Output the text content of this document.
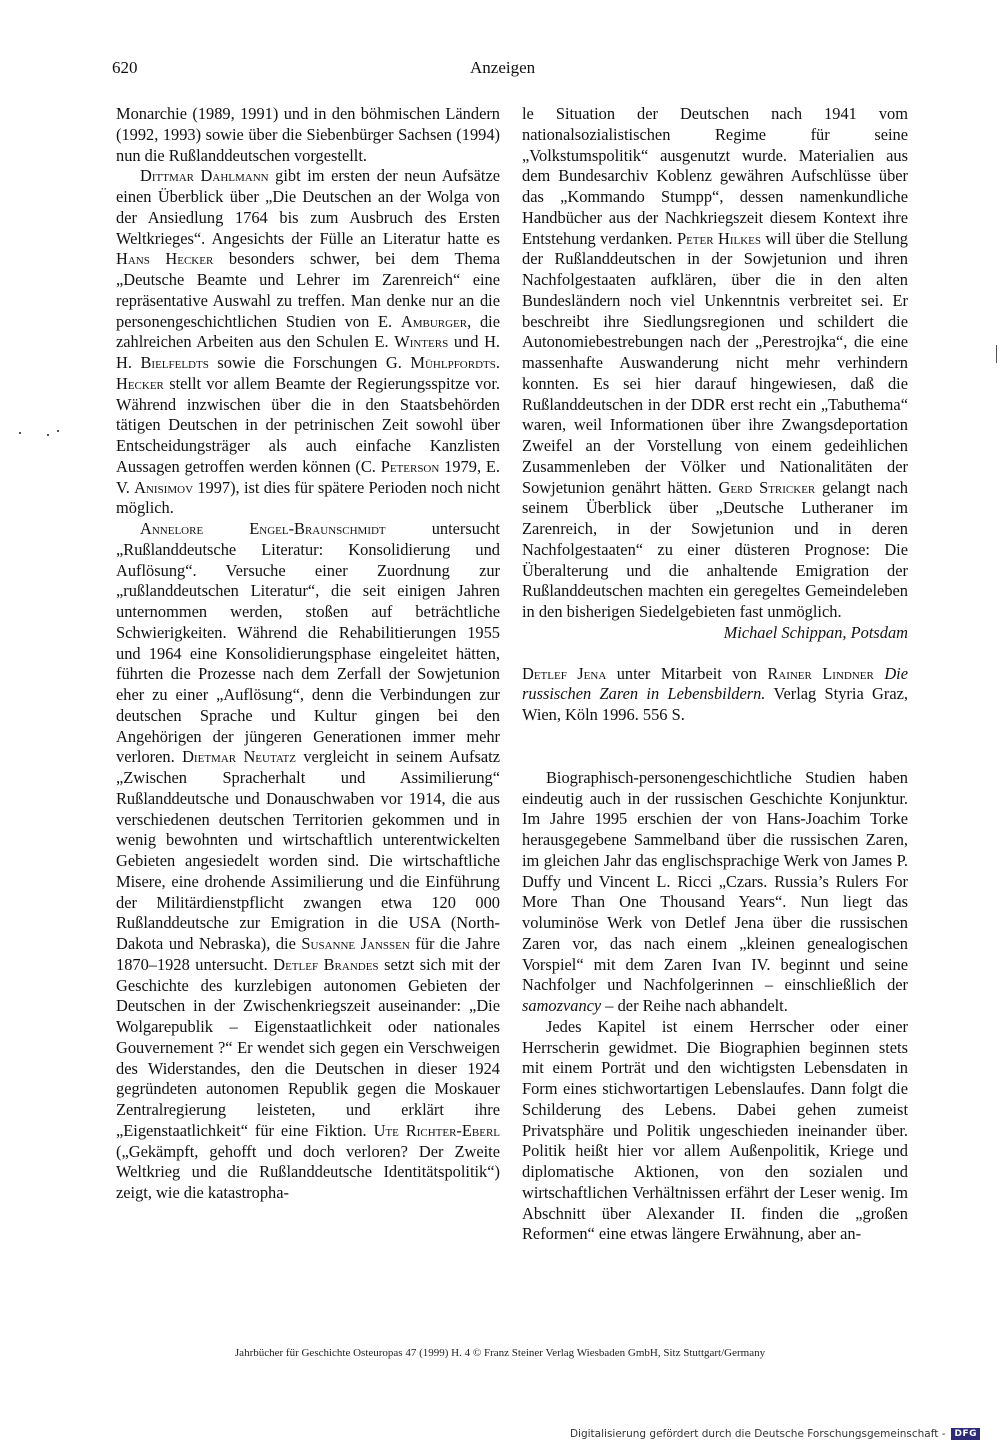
620	Anzeigen

Monarchie (1989, 1991) und in den böhmischen Ländern (1992, 1993) sowie über die Siebenbürger Sachsen (1994) nun die Rußlanddeutschen vorgestellt.

Dittmar Dahlmann gibt im ersten der neun Aufsätze einen Überblick über „Die Deutschen an der Wolga von der Ansiedlung 1764 bis zum Ausbruch des Ersten Weltkrieges“. Angesichts der Fülle an Literatur hatte es Hans Hecker besonders schwer, bei dem Thema „Deutsche Beamte und Lehrer im Zarenreich“ eine repräsentative Auswahl zu treffen. Man denke nur an die personengeschichtlichen Studien von E. Amburger, die zahlreichen Arbeiten aus den Schulen E. Winters und H. H. Bielfeldts sowie die Forschungen G. Mühlpfordts. Hecker stellt vor allem Beamte der Regierungsspitze vor. Während inzwischen über die in den Staatsbehörden tätigen Deutschen in der petrinischen Zeit sowohl über Entscheidungsträger als auch einfache Kanzlisten Aussagen getroffen werden können (C. Peterson 1979, E. V. Anisimov 1997), ist dies für spätere Perioden noch nicht möglich.

Annelore Engel-Braunschmidt untersucht „Rußlanddeutsche Literatur: Konsolidierung und Auflösung“. Versuche einer Zuordnung zur „rußlanddeutschen Literatur“, die seit einigen Jahren unternommen werden, stoßen auf beträchtliche Schwierigkeiten. Während die Rehabilitierungen 1955 und 1964 eine Konsolidierungsphase eingeleitet hätten, führten die Prozesse nach dem Zerfall der Sowjetunion eher zu einer „Auflösung“, denn die Verbindungen zur deutschen Sprache und Kultur gingen bei den Angehörigen der jüngeren Generationen immer mehr verloren. Dietmar Neutatz vergleicht in seinem Aufsatz „Zwischen Spracherhalt und Assimilierung“ Rußlanddeutsche und Donauschwaben vor 1914, die aus verschiedenen deutschen Territorien gekommen und in wenig bewohnten und wirtschaftlich unterentwickelten Gebieten angesiedelt worden sind. Die wirtschaftliche Misere, eine drohende Assimilierung und die Einführung der Militärdienstpflicht zwangen etwa 120 000 Rußlanddeutsche zur Emigration in die USA (North-Dakota und Nebraska), die Susanne Janssen für die Jahre 1870–1928 untersucht. Detlef Brandes setzt sich mit der Geschichte des kurzlebigen autonomen Gebieten der Deutschen in der Zwischenkriegszeit auseinander: „Die Wolgarepublik – Eigenstaatlichkeit oder nationales Gouvernement ?“ Er wendet sich gegen ein Verschweigen des Widerstandes, den die Deutschen in dieser 1924 gegründeten autonomen Republik gegen die Moskauer Zentralregierung leisteten, und erklärt ihre „Eigenstaatlichkeit“ für eine Fiktion. Ute Richter-Eberl („Gekämpft, gehofft und doch verloren? Der Zweite Weltkrieg und die Rußlanddeutsche Identitätspolitik“) zeigt, wie die katastropha-

le Situation der Deutschen nach 1941 vom nationalsozialistischen Regime für seine „Volkstumspolitik“ ausgenutzt wurde. Materialien aus dem Bundesarchiv Koblenz gewähren Aufschlüsse über das „Kommando Stumpp“, dessen namenkundliche Handbücher aus der Nachkriegszeit diesem Kontext ihre Entstehung verdanken. Peter Hilkes will über die Stellung der Rußlanddeutschen in der Sowjetunion und ihren Nachfolgestaaten aufklären, über die in den alten Bundesländern noch viel Unkenntnis verbreitet sei. Er beschreibt ihre Siedlungsregionen und schildert die Autonomiebestrebungen nach der „Perestrojka“, die eine massenhafte Auswanderung nicht mehr verhindern konnten. Es sei hier darauf hingewiesen, daß die Rußlanddeutschen in der DDR erst recht ein „Tabuthema“ waren, weil Informationen über ihre Zwangsdeportation Zweifel an der Vorstellung von einem gedeihlichen Zusammenleben der Völker und Nationalitäten der Sowjetunion genährt hätten. Gerd Stricker gelangt nach seinem Überblick über „Deutsche Lutheraner im Zarenreich, in der Sowjetunion und in deren Nachfolgestaaten“ zu einer düsteren Prognose: Die Überalterung und die anhaltende Emigration der Rußlanddeutschen machten ein geregeltes Gemeindeleben in den bisherigen Siedelgebieten fast unmöglich.

Michael Schippan, Potsdam

Detlef Jena unter Mitarbeit von Rainer Lindner Die russischen Zaren in Lebensbildern. Verlag Styria Graz, Wien, Köln 1996. 556 S.

Biographisch-personengeschichtliche Studien haben eindeutig auch in der russischen Geschichte Konjunktur. Im Jahre 1995 erschien der von Hans-Joachim Torke herausgegebene Sammelband über die russischen Zaren, im gleichen Jahr das englischsprachige Werk von James P. Duffy und Vincent L. Ricci „Czars. Russia’s Rulers For More Than One Thousand Years“. Nun liegt das voluminöse Werk von Detlef Jena über die russischen Zaren vor, das nach einem „kleinen genealogischen Vorspiel“ mit dem Zaren Ivan IV. beginnt und seine Nachfolger und Nachfolgerinnen – einschließlich der samozvancy – der Reihe nach abhandelt.

Jedes Kapitel ist einem Herrscher oder einer Herrscherin gewidmet. Die Biographien beginnen stets mit einem Porträt und den wichtigsten Lebensdaten in Form eines stichwortartigen Lebenslaufes. Dann folgt die Schilderung des Lebens. Dabei gehen zumeist Privatsphäre und Politik ungeschieden ineinander über. Politik heißt hier vor allem Außenpolitik, Kriege und diplomatische Aktionen, von den sozialen und wirtschaftlichen Verhältnissen erfährt der Leser wenig. Im Abschnitt über Alexander II. finden die „großen Reformen“ eine etwas längere Erwähnung, aber an-

Jahrbücher für Geschichte Osteuropas 47 (1999) H. 4 © Franz Steiner Verlag Wiesbaden GmbH, Sitz Stuttgart/Germany
Digitalisierung gefördert durch die Deutsche Forschungsgemeinschaft -	DFG
